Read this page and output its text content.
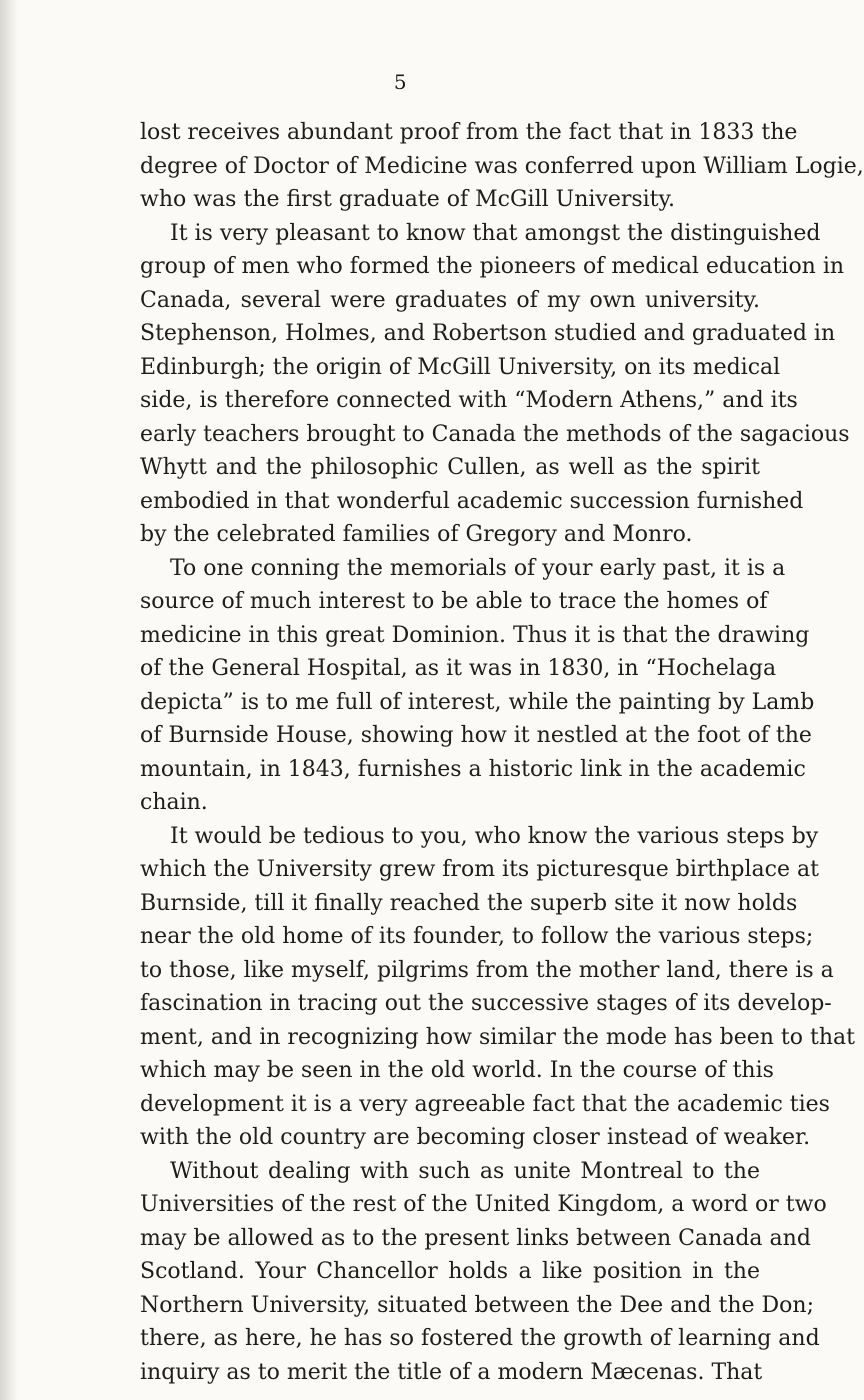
5
lost receives abundant proof from the fact that in 1833 the
degree of Doctor of Medicine was conferred upon William Logie,
who was the first graduate of McGill University.
It is very pleasant to know that amongst the distinguished
group of men who formed the pioneers of medical education in
Canada, several were graduates of my own university.
Stephenson, Holmes, and Robertson studied and graduated in
Edinburgh; the origin of McGill University, on its medical
side, is therefore connected with “Modern Athens,” and its
early teachers brought to Canada the methods of the sagacious
Whytt and the philosophic Cullen, as well as the spirit
embodied in that wonderful academic succession furnished
by the celebrated families of Gregory and Monro.
To one conning the memorials of your early past, it is a
source of much interest to be able to trace the homes of
medicine in this great Dominion. Thus it is that the drawing
of the General Hospital, as it was in 1830, in “Hochelaga
depicta” is to me full of interest, while the painting by Lamb
of Burnside House, showing how it nestled at the foot of the
mountain, in 1843, furnishes a historic link in the academic
chain.
It would be tedious to you, who know the various steps by
which the University grew from its picturesque birthplace at
Burnside, till it finally reached the superb site it now holds
near the old home of its founder, to follow the various steps;
to those, like myself, pilgrims from the mother land, there is a
fascination in tracing out the successive stages of its develop-
ment, and in recognizing how similar the mode has been to that
which may be seen in the old world. In the course of this
development it is a very agreeable fact that the academic ties
with the old country are becoming closer instead of weaker.
Without dealing with such as unite Montreal to the
Universities of the rest of the United Kingdom, a word or two
may be allowed as to the present links between Canada and
Scotland. Your Chancellor holds a like position in the
Northern University, situated between the Dee and the Don;
there, as here, he has so fostered the growth of learning and
inquiry as to merit the title of a modern Mæcenas. That
